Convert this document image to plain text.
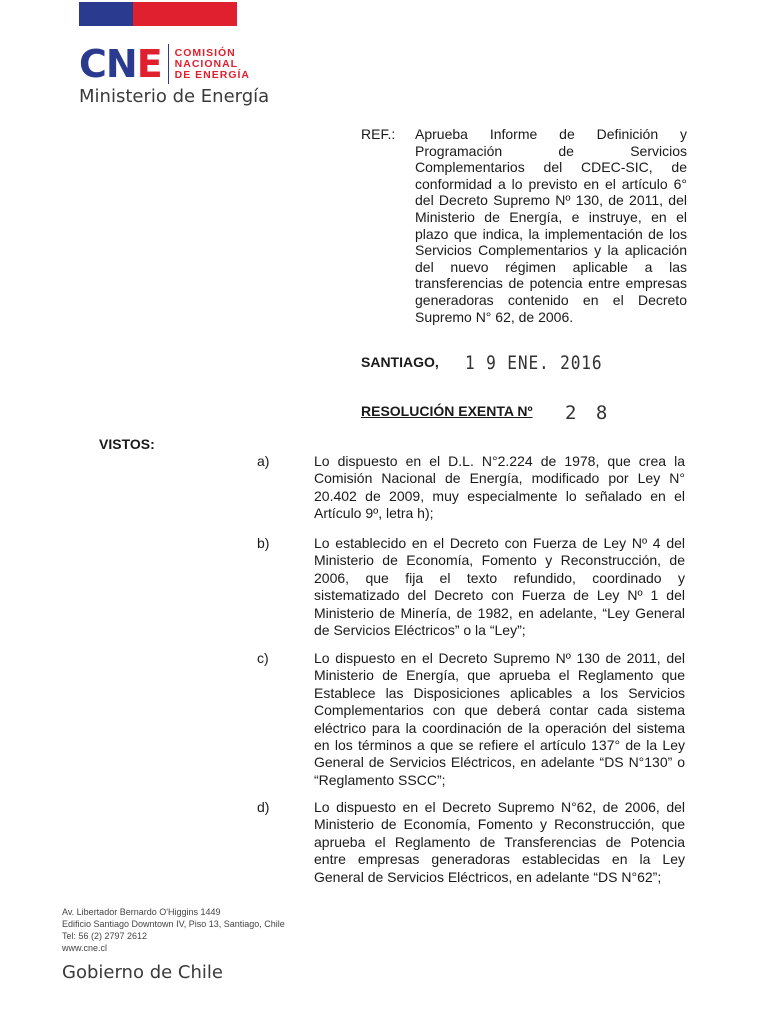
CNE COMISIÓN
NACIONAL
DE ENERGÍA
Ministerio de Energía
REF.:	Aprueba Informe de Definición y Programación de Servicios Complementarios del CDEC-SIC, de conformidad a lo previsto en el artículo 6° del Decreto Supremo Nº 130, de 2011, del Ministerio de Energía, e instruye, en el plazo que indica, la implementación de los Servicios Complementarios y la aplicación del nuevo régimen aplicable a las transferencias de potencia entre empresas generadoras contenido en el Decreto Supremo N° 62, de 2006.
SANTIAGO, 1 9 ENE. 2016
RESOLUCIÓN EXENTA Nº 2 8
VISTOS:
a)	Lo dispuesto en el D.L. N°2.224 de 1978, que crea la Comisión Nacional de Energía, modificado por Ley N° 20.402 de 2009, muy especialmente lo señalado en el Artículo 9º, letra h);
b)	Lo establecido en el Decreto con Fuerza de Ley Nº 4 del Ministerio de Economía, Fomento y Reconstrucción, de 2006, que fija el texto refundido, coordinado y sistematizado del Decreto con Fuerza de Ley Nº 1 del Ministerio de Minería, de 1982, en adelante, “Ley General de Servicios Eléctricos” o la “Ley”;
c)	Lo dispuesto en el Decreto Supremo Nº 130 de 2011, del Ministerio de Energía, que aprueba el Reglamento que Establece las Disposiciones aplicables a los Servicios Complementarios con que deberá contar cada sistema eléctrico para la coordinación de la operación del sistema en los términos a que se refiere el artículo 137° de la Ley General de Servicios Eléctricos, en adelante “DS N°130” o “Reglamento SSCC”;
d)	Lo dispuesto en el Decreto Supremo N°62, de 2006, del Ministerio de Economía, Fomento y Reconstrucción, que aprueba el Reglamento de Transferencias de Potencia entre empresas generadoras establecidas en la Ley General de Servicios Eléctricos, en adelante “DS N°62”;
Av. Libertador Bernardo O'Higgins 1449
Edificio Santiago Downtown IV, Piso 13, Santiago, Chile
Tel: 56 (2) 2797 2612
www.cne.cl
Gobierno de Chile
